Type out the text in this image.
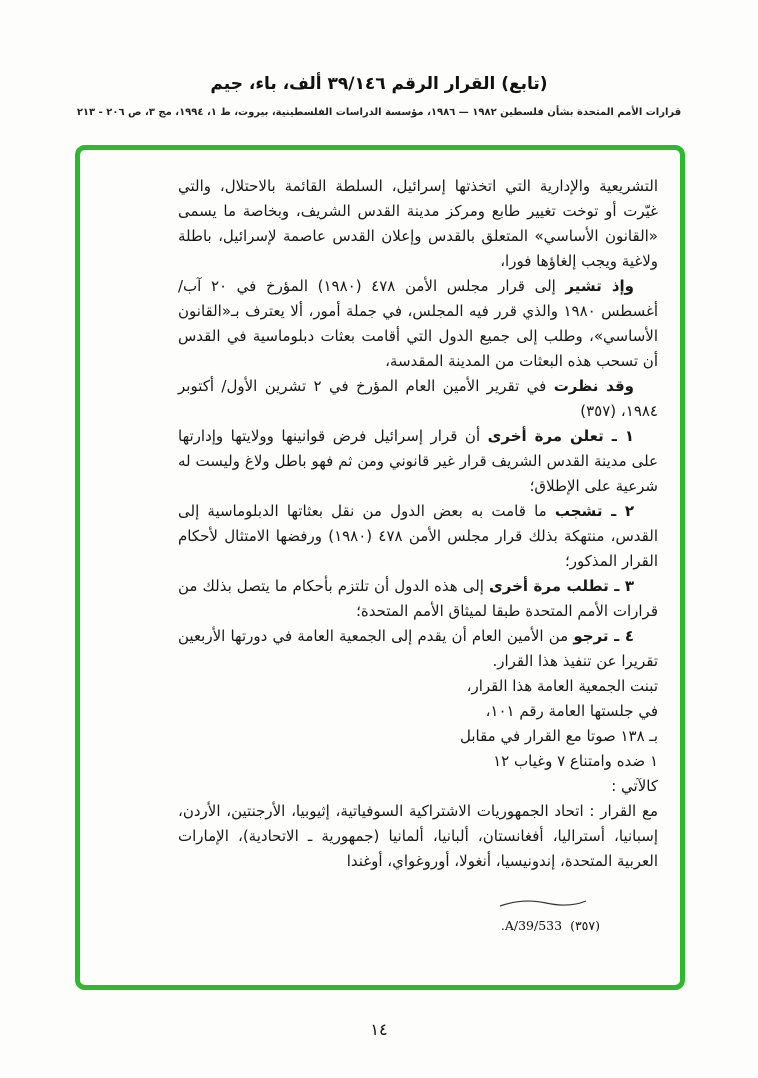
(تابع) القرار الرقم ٣٩/١٤٦ ألف، باء، جيم
قرارات الأمم المتحدة بشأن فلسطين ١٩٨٢ — ١٩٨٦، مؤسسة الدراسات الفلسطينية، بيروت، ط ١، ١٩٩٤، مج ٣، ص ٢٠٦ - ٢١٣

التشريعية والإدارية التي اتخذتها إسرائيل، السلطة القائمة بالاحتلال، والتي غيّرت أو توخت تغيير طابع ومركز مدينة القدس الشريف، وبخاصة ما يسمى «القانون الأساسي» المتعلق بالقدس وإعلان القدس عاصمة لإسرائيل، باطلة ولاغية ويجب إلغاؤها فورا،

وإذ تشير إلى قرار مجلس الأمن ٤٧٨ (١٩٨٠) المؤرخ في ٢٠ آب/ أغسطس ١٩٨٠ والذي قرر فيه المجلس، في جملة أمور، ألا يعترف بـ«القانون الأساسي»، وطلب إلى جميع الدول التي أقامت بعثات دبلوماسية في القدس أن تسحب هذه البعثات من المدينة المقدسة،

وقد نظرت في تقرير الأمين العام المؤرخ في ٢ تشرين الأول/ أكتوبر ١٩٨٤، (٣٥٧)

١ ـ تعلن مرة أخرى أن قرار إسرائيل فرض قوانينها وولايتها وإدارتها على مدينة القدس الشريف قرار غير قانوني ومن ثم فهو باطل ولاغ وليست له شرعية على الإطلاق؛

٢ ـ تشجب ما قامت به بعض الدول من نقل بعثاتها الدبلوماسية إلى القدس، منتهكة بذلك قرار مجلس الأمن ٤٧٨ (١٩٨٠) ورفضها الامتثال لأحكام القرار المذكور؛

٣ ـ تطلب مرة أخرى إلى هذه الدول أن تلتزم بأحكام ما يتصل بذلك من قرارات الأمم المتحدة طبقا لميثاق الأمم المتحدة؛

٤ ـ ترجو من الأمين العام أن يقدم إلى الجمعية العامة في دورتها الأربعين تقريرا عن تنفيذ هذا القرار.

تبنت الجمعية العامة هذا القرار،
في جلستها العامة رقم ١٠١،
بـ ١٣٨ صوتا مع القرار في مقابل
١ ضده وامتناع ٧ وغياب ١٢
كالآتي :

مع القرار : اتحاد الجمهوريات الاشتراكية السوفياتية، إثيوبيا، الأرجنتين، الأردن، إسبانيا، أستراليا، أفغانستان، ألبانيا، ألمانيا (جمهورية ـ الاتحادية)، الإمارات العربية المتحدة، إندونيسيا، أنغولا، أوروغواي، أوغندا

(٣٥٧)A/39/533.
١٤
